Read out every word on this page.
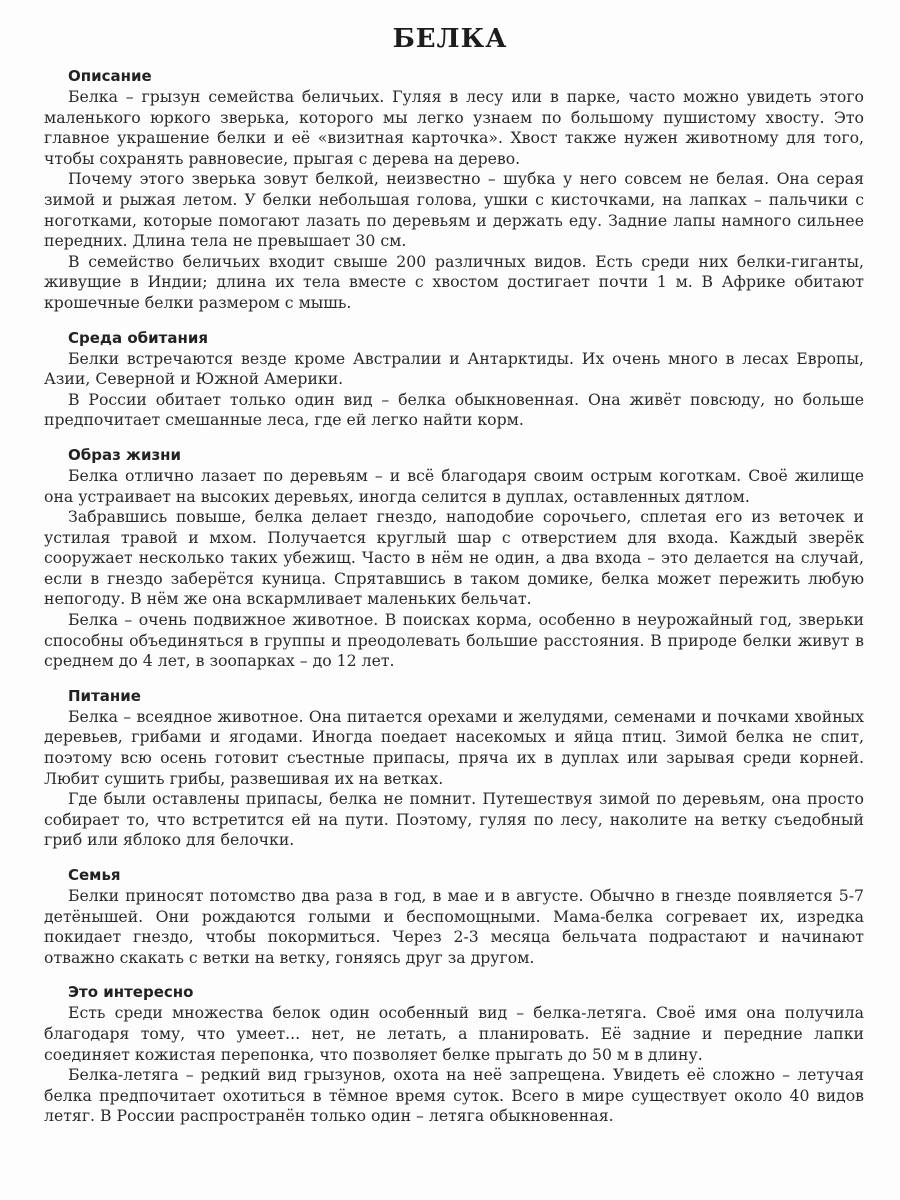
БЕЛКА
Описание

Белка – грызун семейства беличьих. Гуляя в лесу или в парке, часто можно увидеть этого маленького юркого зверька, которого мы легко узнаем по большому пушистому хвосту. Это главное украшение белки и её «визитная карточка». Хвост также нужен животному для того, чтобы сохранять равновесие, прыгая с дерева на дерево.

Почему этого зверька зовут белкой, неизвестно – шубка у него совсем не белая. Она серая зимой и рыжая летом. У белки небольшая голова, ушки с кисточками, на лапках – пальчики с ноготками, которые помогают лазать по деревьям и держать еду. Задние лапы намного сильнее передних. Длина тела не превышает 30 см.

В семейство беличьих входит свыше 200 различных видов. Есть среди них белки-гиганты, живущие в Индии; длина их тела вместе с хвостом достигает почти 1 м. В Африке обитают крошечные белки размером с мышь.

Среда обитания

Белки встречаются везде кроме Австралии и Антарктиды. Их очень много в лесах Европы, Азии, Северной и Южной Америки.

В России обитает только один вид – белка обыкновенная. Она живёт повсюду, но больше предпочитает смешанные леса, где ей легко найти корм.

Образ жизни

Белка отлично лазает по деревьям – и всё благодаря своим острым коготкам. Своё жилище она устраивает на высоких деревьях, иногда селится в дуплах, оставленных дятлом.

Забравшись повыше, белка делает гнездо, наподобие сорочьего, сплетая его из веточек и устилая травой и мхом. Получается круглый шар с отверстием для входа. Каждый зверёк сооружает несколько таких убежищ. Часто в нём не один, а два входа – это делается на случай, если в гнездо заберётся куница. Спрятавшись в таком домике, белка может пережить любую непогоду. В нём же она вскармливает маленьких бельчат.

Белка – очень подвижное животное. В поисках корма, особенно в неурожайный год, зверьки способны объединяться в группы и преодолевать большие расстояния. В природе белки живут в среднем до 4 лет, в зоопарках – до 12 лет.

Питание

Белка – всеядное животное. Она питается орехами и желудями, семенами и почками хвойных деревьев, грибами и ягодами. Иногда поедает насекомых и яйца птиц. Зимой белка не спит, поэтому всю осень готовит съестные припасы, пряча их в дуплах или зарывая среди корней. Любит сушить грибы, развешивая их на ветках.

Где были оставлены припасы, белка не помнит. Путешествуя зимой по деревьям, она просто собирает то, что встретится ей на пути. Поэтому, гуляя по лесу, наколите на ветку съедобный гриб или яблоко для белочки.

Семья

Белки приносят потомство два раза в год, в мае и в августе. Обычно в гнезде появляется 5-7 детёнышей. Они рождаются голыми и беспомощными. Мама-белка согревает их, изредка покидает гнездо, чтобы покормиться. Через 2-3 месяца бельчата подрастают и начинают отважно скакать с ветки на ветку, гоняясь друг за другом.

Это интересно

Есть среди множества белок один особенный вид – белка-летяга. Своё имя она получила благодаря тому, что умеет... нет, не летать, а планировать. Её задние и передние лапки соединяет кожистая перепонка, что позволяет белке прыгать до 50 м в длину.

Белка-летяга – редкий вид грызунов, охота на неё запрещена. Увидеть её сложно – летучая белка предпочитает охотиться в тёмное время суток. Всего в мире существует около 40 видов летяг. В России распространён только один – летяга обыкновенная.
